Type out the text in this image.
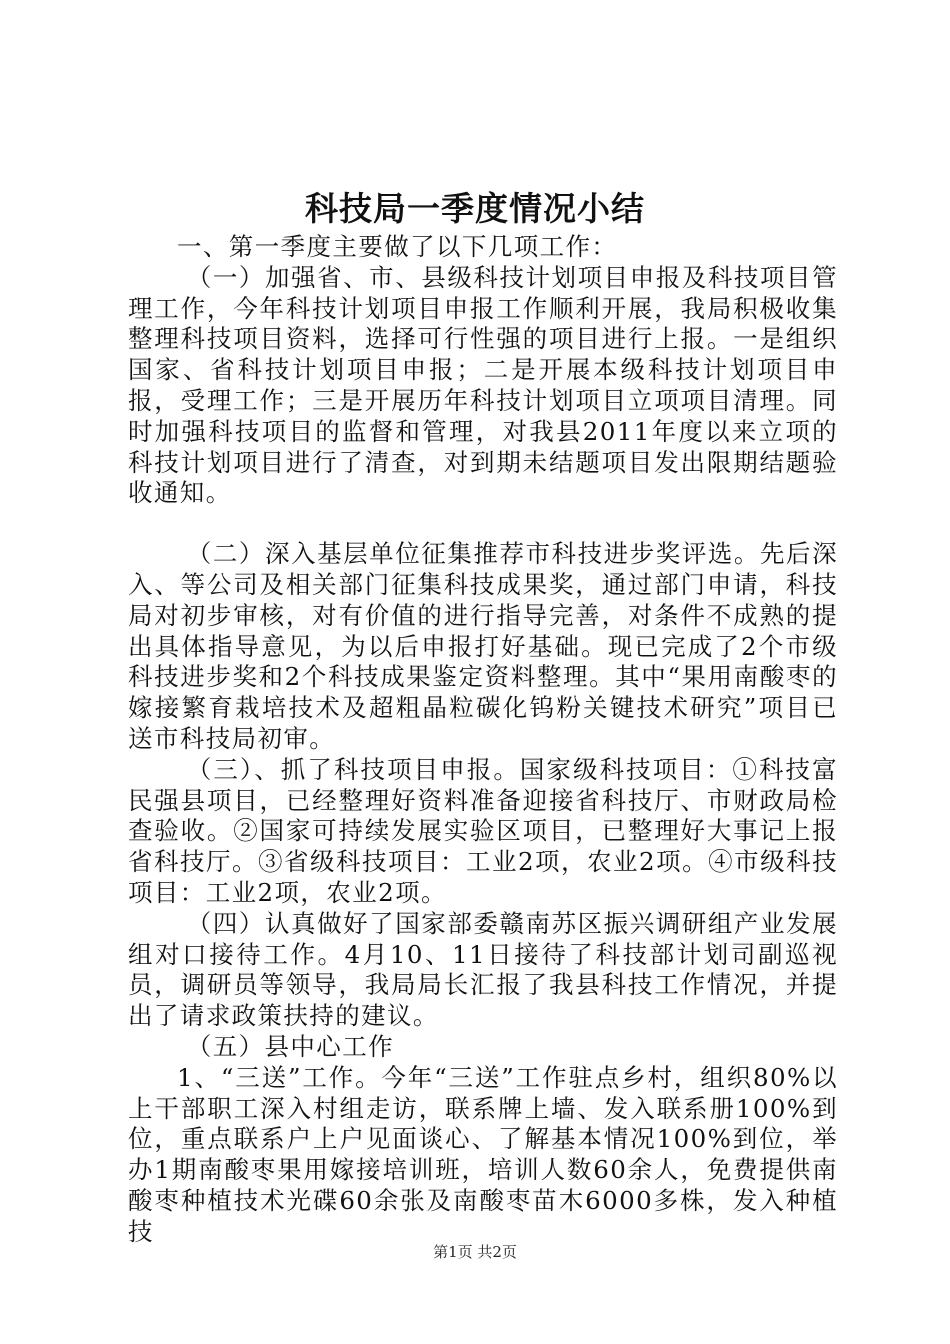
科技局一季度情况小结

一、第一季度主要做了以下几项工作：

（一）加强省、市、县级科技计划项目申报及科技项目管理工作，今年科技计划项目申报工作顺利开展，我局积极收集整理科技项目资料，选择可行性强的项目进行上报。一是组织国家、省科技计划项目申报；二是开展本级科技计划项目申报，受理工作；三是开展历年科技计划项目立项项目清理。同时加强科技项目的监督和管理，对我县2011年度以来立项的科技计划项目进行了清查，对到期未结题项目发出限期结题验收通知。

（二）深入基层单位征集推荐市科技进步奖评选。先后深入、等公司及相关部门征集科技成果奖，通过部门申请，科技局对初步审核，对有价值的进行指导完善，对条件不成熟的提出具体指导意见，为以后申报打好基础。现已完成了2个市级科技进步奖和2个科技成果鉴定资料整理。其中“果用南酸枣的嫁接繁育栽培技术及超粗晶粒碳化钨粉关键技术研究”项目已送市科技局初审。

（三）、抓了科技项目申报。国家级科技项目：①科技富民强县项目，已经整理好资料准备迎接省科技厅、市财政局检查验收。②国家可持续发展实验区项目，已整理好大事记上报省科技厅。③省级科技项目：工业2项，农业2项。④市级科技项目：工业2项，农业2项。

（四）认真做好了国家部委赣南苏区振兴调研组产业发展组对口接待工作。4月10、11日接待了科技部计划司副巡视员，调研员等领导，我局局长汇报了我县科技工作情况，并提出了请求政策扶持的建议。

（五）县中心工作

1、“三送”工作。今年“三送”工作驻点乡村，组织80%以上干部职工深入村组走访，联系牌上墙、发入联系册100%到位，重点联系户上户见面谈心、了解基本情况100%到位，举办1期南酸枣果用嫁接培训班，培训人数60余人，免费提供南酸枣种植技术光碟60余张及南酸枣苗木6000多株，发入种植技

第1页 共2页
